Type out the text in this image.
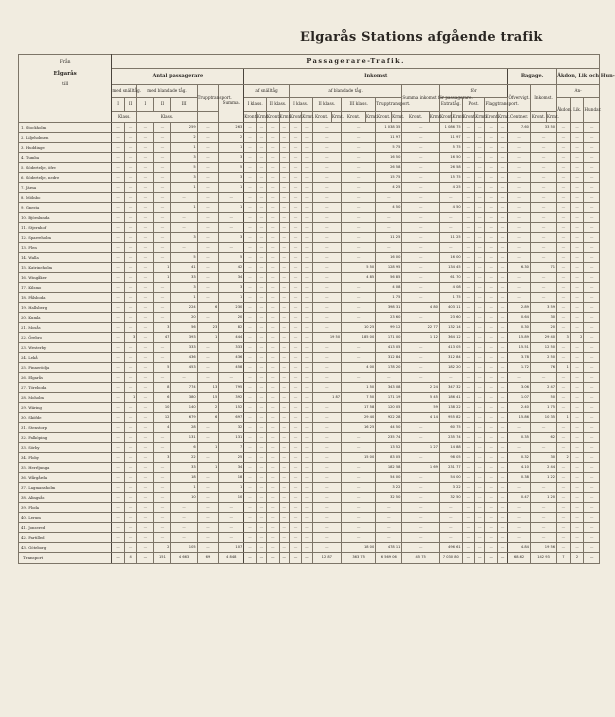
Elgarås Stations afgående trafik
Från
Elgarås
till	Passagerare-Trafik.																																
	Antal passagerare							Inkomst																				Bagage.			Åkdon, Lik och Hun-		
	med snälltåg.		med blandade tåg.			Trupptransport.	Summa.	af snälltåg				af blandade tåg.								Summa inkomst för passagerare.		för						Öfvervigt.	Inkomst.		An-		
	I	II	I	II	III			I klass.		II klass.		I klass.		II klass.		III klass.		Trupptransport.				Extratåg.		Post.		Flaggtransport.					Åkdon.	Lik.	Hundar.
	Klass.		Klass.					Kront.	Krmt.	Kront.	Krmt.	Kront.	Krmt.	Kront.	Krmt.	Kront.	Krmt.	Kront.	Krmt.	Kront.	Krmt.	Kront.	Krmt.	Kront.	Krmt.	Kront.	Krmt.	Centner.	Kront.	Krmt.			
1. Stockholm	—	—	—	—	259	—	263	—	—	—	—	—	—	—		—		1 038 35		—		1 086 75		—	—	—	—	7.60	33 50		—	—	—
2. Liljeholmen	—	—	—	—	2	—	2	—	—	—	—	—	—	—		—		11 97		—		11 97		—	—	—	—	—	—		—	—	—
3. Huddinge	—	—	—	—	1	—	1	—	—	—	—	—	—	—		—		5 75		—		5 75		—	—	—	—	—	—		—	—	—
4. Tumba	—	—	—	—	3	—	3	—	—	—	—	—	—	—		—		16 50		—		16 50		—	—	—	—	—	—		—	—	—
5. Södertelje, öfre	—	—	—	—	5	—	5	—	—	—	—	—	—	—		—		26 58		—		26 58		—	—	—	—	—	—		—	—	—
6. Södertelje, nedre	—	—	—	—	3	—	3	—	—	—	—	—	—	—		—		15 75		—		15 75		—	—	—	—	—	—		—	—	—
7. Järna	—	—	—	—	1	—	1	—	—	—	—	—	—	—		—		4 25		—		4 25		—	—	—	—	—	—		—	—	—
8. Mölnbo	—	—	—	—	—	—	—	—	—	—	—	—	—	—		—		—		—		—		—	—	—	—	—	—		—	—	—
9. Gnesta	—	—	—	—	1	—	1	—	—	—	—	—	—	—		—		4 50		—		4 50		—	—	—	—	—	—		—	—	—
10. Björnlunda	—	—	—	—	—	—	—	—	—	—	—	—	—	—		—		—		—		—		—	—	—	—	—	—		—	—	—
11. Stjernhof	—	—	—	—	—	—	—	—	—	—	—	—	—	—		—		—		—		—		—	—	—	—	—	—		—	—	—
12. Sparreholm	—	—	—	—	3	—	3	—	—	—	—	—	—	—		—		11 25		—		11 25		—	—	—	—	—	—		—	—	—
13. Flen	—	—	—	—	—	—	—	—	—	—	—	—	—	—		—		—		—		—		—	—	—	—	—	—		—	—	—
14. Walla	—	—	—	—	5	—	5	—	—	—	—	—	—	—		—		16 00		—		16 00		—	—	—	—	—	—		—	—	—
15. Katrineholm	—	—	—	1	41	—	42	—	—	—	—	—	—	—		5 50		128 95		—		134 45		—	—	—	—	6.30	71		—	—	—
16. Wingåker	—	—	—	1	33	—	34	—	—	—	—	—	—	—		4 85		56 85		—		61 70		—	—	—	—	—	—		—	—	—
17. Kilsmo	—	—	—	—	3	—	3	—	—	—	—	—	—	—		—		4 08		—		4 08		—	—	—	—	—	—		—	—	—
18. Pålsboda	—	—	—	—	1	—	1	—	—	—	—	—	—	—		—		1 75		—		1 75		—	—	—	—	—	—		—	—	—
19. Hallsberg	—	—	—	—	224	6	230	—	—	—	—	—	—	—		—		398 31		4 80		403 11		—	—	—	—	2.89	3 59		—	—	—
20. Kumla	—	—	—	—	20	—	20	—	—	—	—	—	—	—		—		23 60		—		23 60		—	—	—	—	0.64	30		—	—	—
21. Mosås	—	—	—	3	56	23	82	—	—	—	—	—	—	—		10 25		99 12		22 77		132 14		—	—	—	—	0.30	20		—	—	—
22. Örebro	—	3	—	47	393	1	444	—	—	—	—	—	—	19 50		185 00		171 00		1 12		364 12		—	—	—	—	15.89	29 40		3	2	—
23. Westerby	—	—	—	—	333	—	333	—	—	—	—	—	—	—		—		413 05		—		413 05		—	—	—	—	15.51	12 50		—	—	—
24. Lekå	—	—	—	—	436	—	436	—	—	—	—	—	—	—		—		312 84		—		312 84		—	—	—	—	3.78	2 50		—	—	—
25. Finnerödja	—	—	—	5	453	—	458	—	—	—	—	—	—	—		4 00		178 20		—		182 20		—	—	—	—	1.72	76		1	—	—
26. Elgarås	—	—	—	—	—	—	—	—	—	—	—	—	—	—		—		—		—		—		—	—	—	—	—	—		—	—	—
27. Töreboda	—	—	—	8	774	13	795	—	—	—	—	—	—	—		1 50		343 08		2 24		347 32		—	—	—	—	3.06	2 47		—	—	—
28. Moholm	—	1	—	6	380	15	392	—	—	—	—	—	—	1 87		7 50		171 19		5 45		186 41		—	—	—	—	1.07	50		—	—	—
29. Wäring	—	—	—	10	140	2	152	—	—	—	—	—	—	—		17 58		120 05		59		138 22		—	—	—	—	2.40	1 75		—	—	—
30. Sköfde	—	—	—	12	679	6	697	—	—	—	—	—	—	—		29 40		922 28		4 14		955 82		—	—	—	—	15.86	10 35		1	—	—
31. Stenstorp	—	—	—	4	28	—	32	—	—	—	—	—	—	—		16 25		44 50		—		60 75		—	—	—	—	—	—		—	—	—
32. Falköping	—	—	—	—	131	—	131	—	—	—	—	—	—	—		—		235 74		—		235 74		—	—	—	—	0.35	62		—	—	—
33. Sörby	—	—	—	—	6	1	7	—	—	—	—	—	—	—		—		13 52		1 27		14 88		—	—	—	—	—	—		—	—	—
34. Floby	—	—	—	3	22	—	25	—	—	—	—	—	—	—		15 00		83 05		—		98 05		—	—	—	—	0.32	30		2	—	—
35. Herrljunga	—	—	—	—	33	1	34	—	—	—	—	—	—	—		—		182 58		1 69		231 77		—	—	—	—	4.10	2 44		—	—	—
36. Wårgårda	—	—	—	—	18	—	18	—	—	—	—	—	—	—		—		54 00		—		54 00		—	—	—	—	0.38	1 22		—	—	—
37. Lagmansholm	—	—	—	—	1	—	1	—	—	—	—	—	—	—		—		3 22		—		3 22		—	—	—	—	—	—		—	—	—
38. Alingsås	—	—	—	—	10	—	10	—	—	—	—	—	—	—		—		32 50		—		32 50		—	—	—	—	0.47	1 20		—	—	—
39. Floda	—	—	—	—	—	—	—	—	—	—	—	—	—	—		—		—		—		—		—	—	—	—	—	—		—	—	—
40. Lerum	—	—	—	—	—	—	—	—	—	—	—	—	—	—		—		—		—		—		—	—	—	—	—	—		—	—	—
41. Jonsered	—	—	—	—	—	—	—	—	—	—	—	—	—	—		—		—		—		—		—	—	—	—	—	—		—	—	—
42. Partilled	—	—	—	—	—	—	—	—	—	—	—	—	—	—		—		—		—		—		—	—	—	—	—	—		—	—	—
43. Göteborg	—	—	—	2	105	—	107	—	—	—	—	—	—	—		18 00		478 11		—		496 61		—	—	—	—	4.84	19 56		—	—	—
Transport	—	4	—	151	4 663	69	4 848	—	—	—	—	—	—	12 87		363 75		6 569 06		45 75		7 030 80		—	—	—	—	68.62	142 93		7	2	—
